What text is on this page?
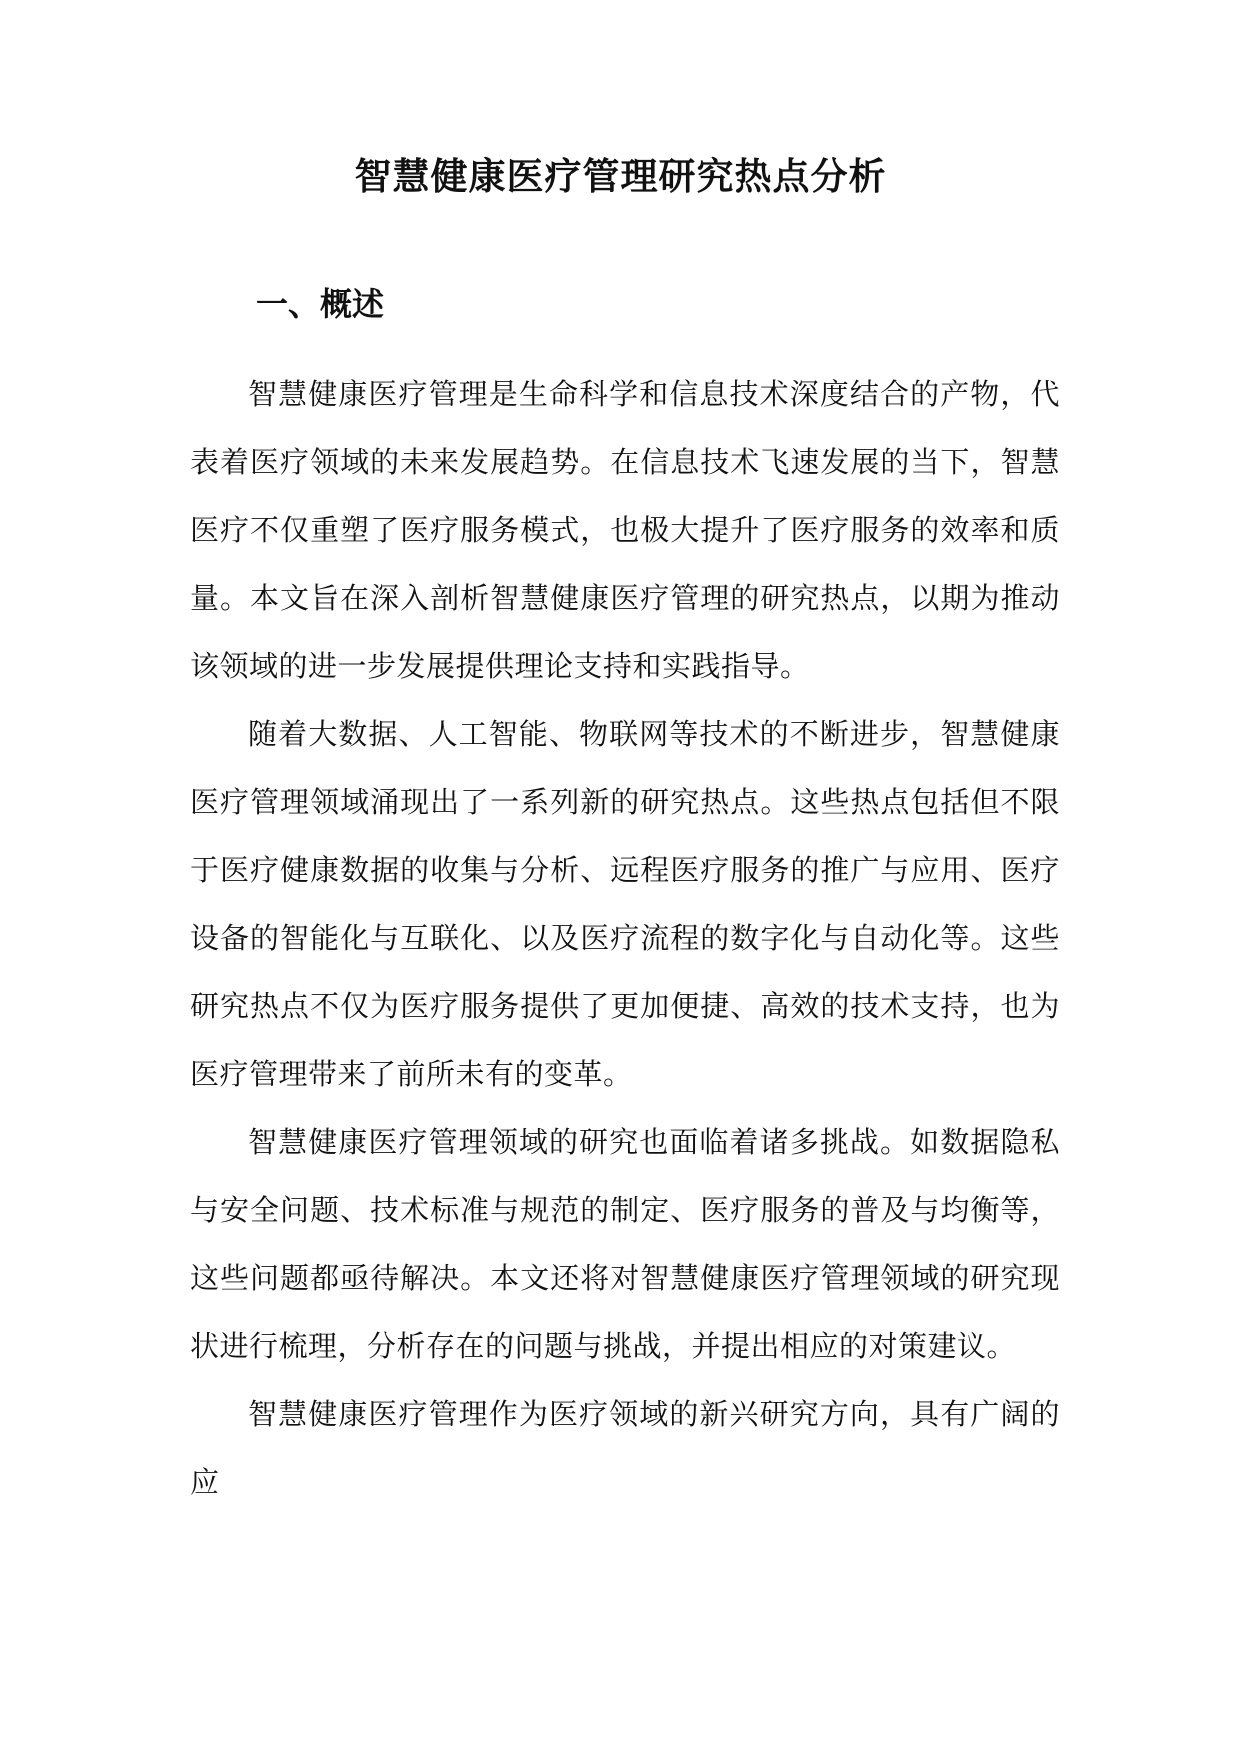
智慧健康医疗管理研究热点分析
一、概述

智慧健康医疗管理是生命科学和信息技术深度结合的产物，代表着医疗领域的未来发展趋势。在信息技术飞速发展的当下，智慧医疗不仅重塑了医疗服务模式，也极大提升了医疗服务的效率和质量。本文旨在深入剖析智慧健康医疗管理的研究热点，以期为推动该领域的进一步发展提供理论支持和实践指导。

随着大数据、人工智能、物联网等技术的不断进步，智慧健康医疗管理领域涌现出了一系列新的研究热点。这些热点包括但不限于医疗健康数据的收集与分析、远程医疗服务的推广与应用、医疗设备的智能化与互联化、以及医疗流程的数字化与自动化等。这些研究热点不仅为医疗服务提供了更加便捷、高效的技术支持，也为医疗管理带来了前所未有的变革。

智慧健康医疗管理领域的研究也面临着诸多挑战。如数据隐私与安全问题、技术标准与规范的制定、医疗服务的普及与均衡等，这些问题都亟待解决。本文还将对智慧健康医疗管理领域的研究现状进行梳理，分析存在的问题与挑战，并提出相应的对策建议。

智慧健康医疗管理作为医疗领域的新兴研究方向，具有广阔的应
